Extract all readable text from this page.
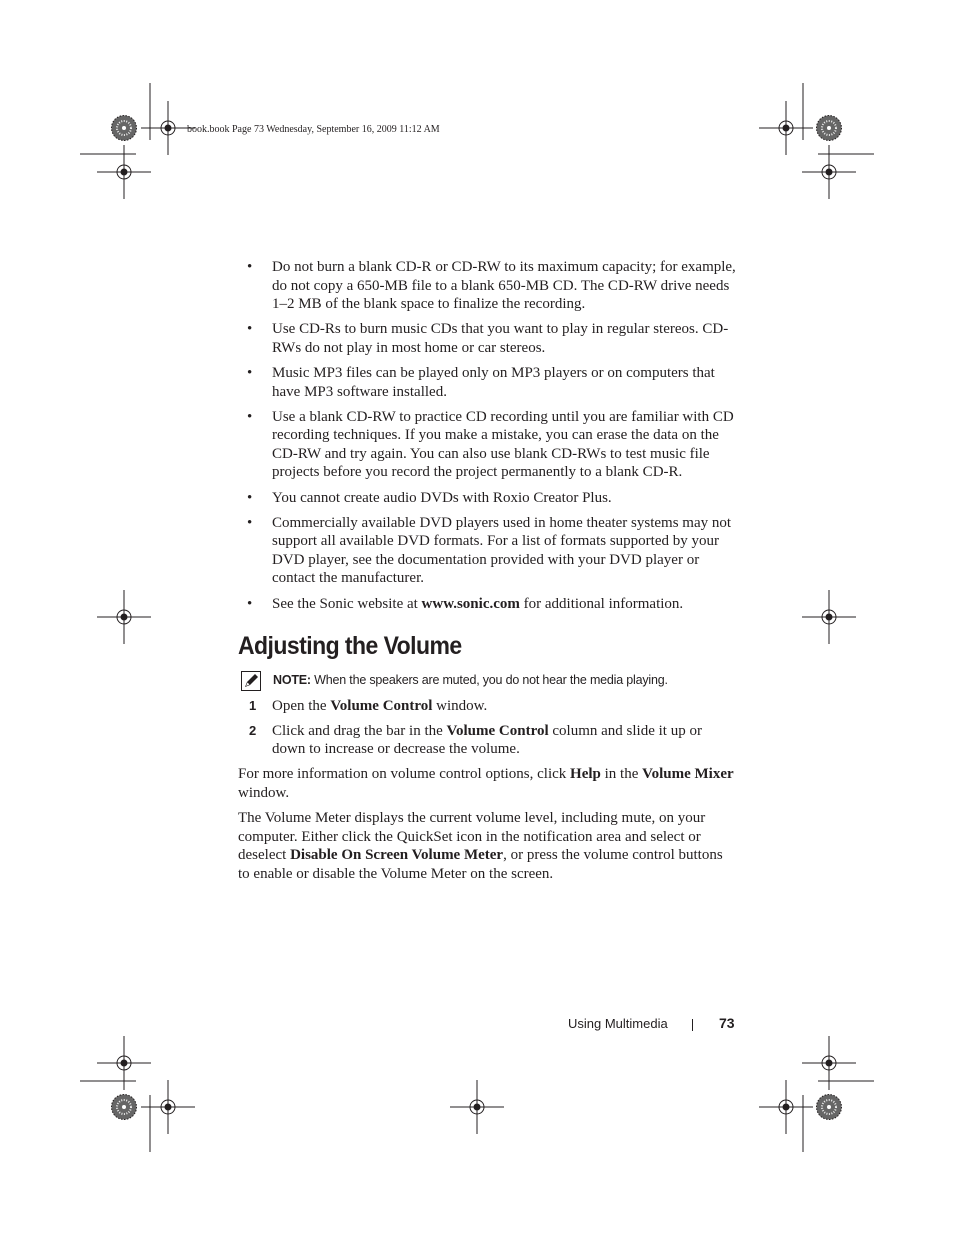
book.book Page 73 Wednesday, September 16, 2009 11:12 AM
• Do not burn a blank CD-R or CD-RW to its maximum capacity; for example, do not copy a 650-MB file to a blank 650-MB CD. The CD-RW drive needs 1–2 MB of the blank space to finalize the recording.
• Use CD-Rs to burn music CDs that you want to play in regular stereos. CD-RWs do not play in most home or car stereos.
• Music MP3 files can be played only on MP3 players or on computers that have MP3 software installed.
• Use a blank CD-RW to practice CD recording until you are familiar with CD recording techniques. If you make a mistake, you can erase the data on the CD-RW and try again. You can also use blank CD-RWs to test music file projects before you record the project permanently to a blank CD-R.
• You cannot create audio DVDs with Roxio Creator Plus.
• Commercially available DVD players used in home theater systems may not support all available DVD formats. For a list of formats supported by your DVD player, see the documentation provided with your DVD player or contact the manufacturer.
• See the Sonic website at www.sonic.com for additional information.
Adjusting the Volume
NOTE: When the speakers are muted, you do not hear the media playing.
1 Open the Volume Control window.
2 Click and drag the bar in the Volume Control column and slide it up or down to increase or decrease the volume.
For more information on volume control options, click Help in the Volume Mixer window.
The Volume Meter displays the current volume level, including mute, on your computer. Either click the QuickSet icon in the notification area and select or deselect Disable On Screen Volume Meter, or press the volume control buttons to enable or disable the Volume Meter on the screen.
Using Multimedia	73
